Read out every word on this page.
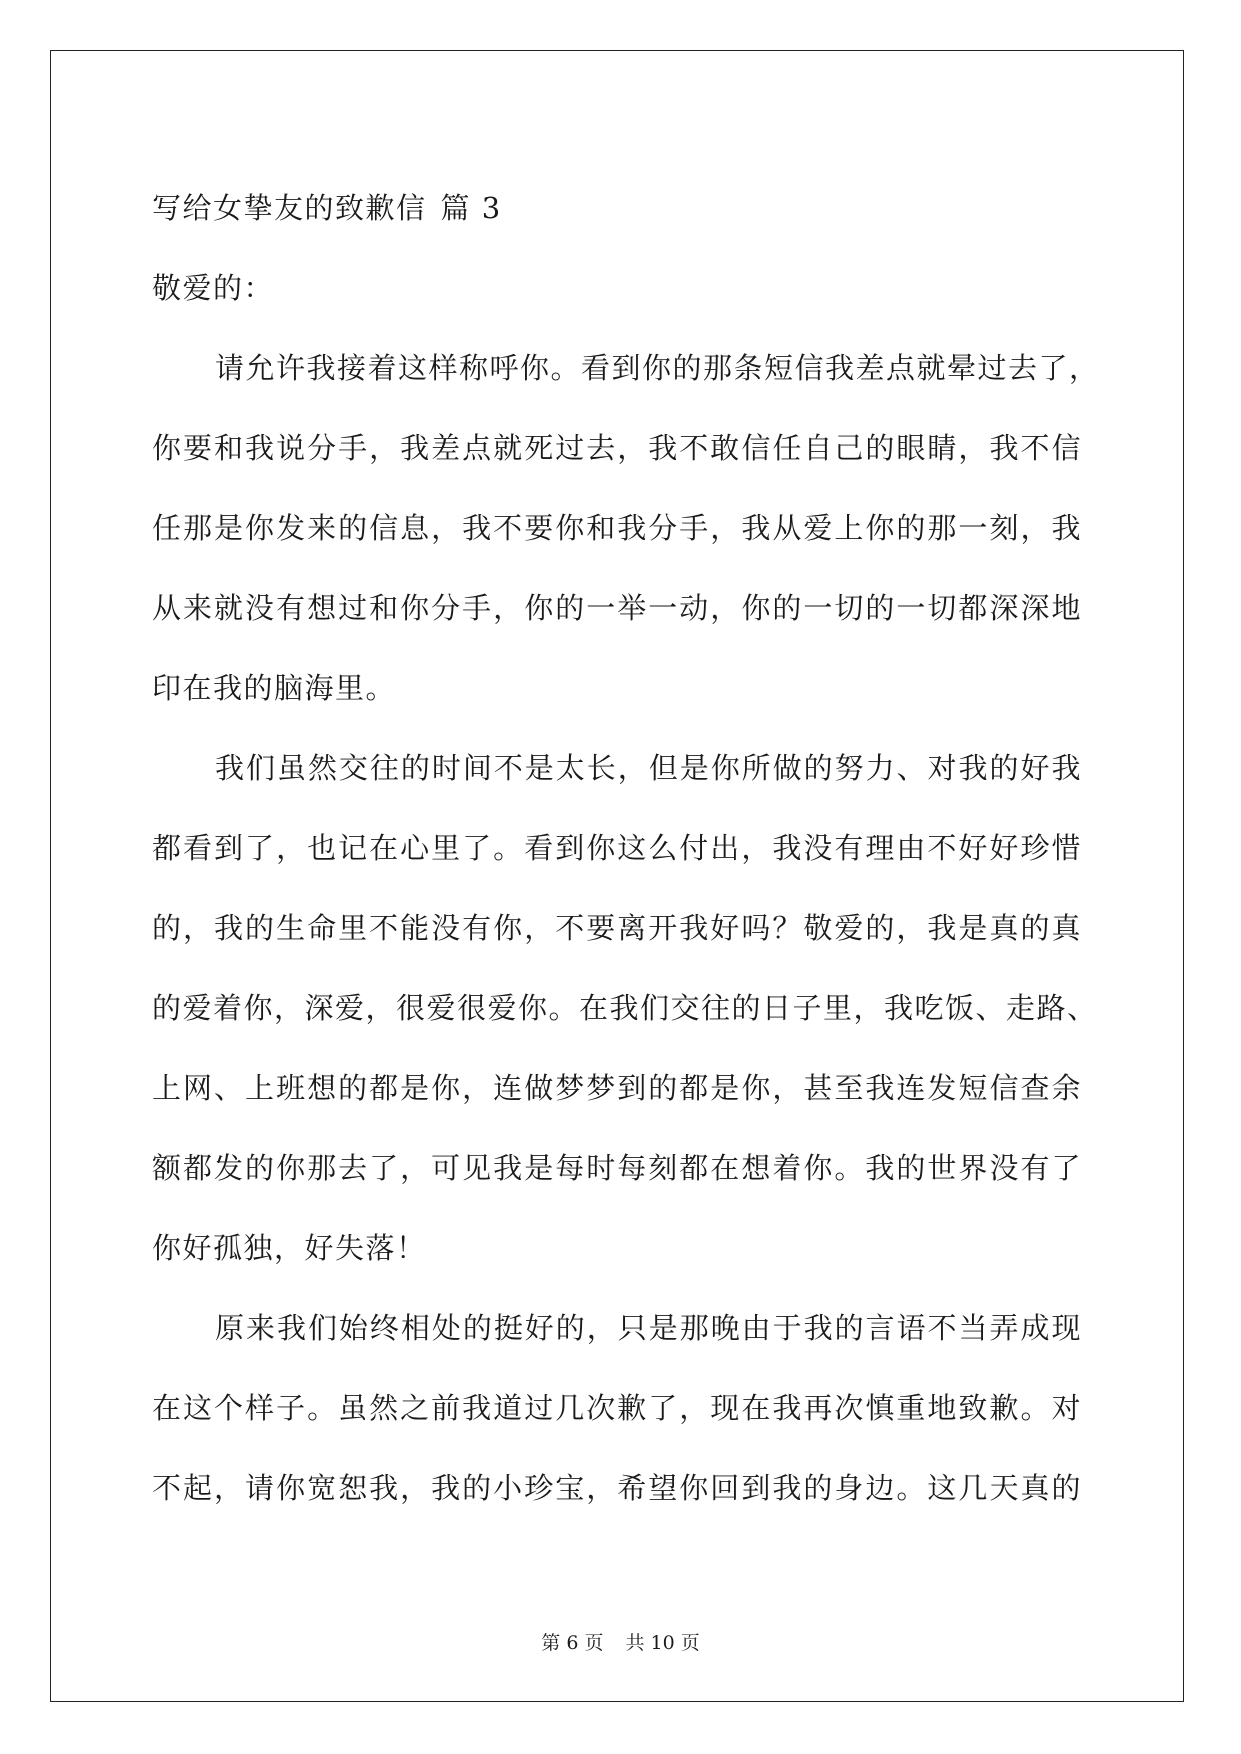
写给女挚友的致歉信 篇 3
敬爱的：
请允许我接着这样称呼你。看到你的那条短信我差点就晕过去了，
你要和我说分手，我差点就死过去，我不敢信任自己的眼睛，我不信
任那是你发来的信息，我不要你和我分手，我从爱上你的那一刻，我
从来就没有想过和你分手，你的一举一动，你的一切的一切都深深地
印在我的脑海里。
我们虽然交往的时间不是太长，但是你所做的努力、对我的好我
都看到了，也记在心里了。看到你这么付出，我没有理由不好好珍惜
的，我的生命里不能没有你，不要离开我好吗？敬爱的，我是真的真
的爱着你，深爱，很爱很爱你。在我们交往的日子里，我吃饭、走路、
上网、上班想的都是你，连做梦梦到的都是你，甚至我连发短信查余
额都发的你那去了，可见我是每时每刻都在想着你。我的世界没有了
你好孤独，好失落！
原来我们始终相处的挺好的，只是那晚由于我的言语不当弄成现
在这个样子。虽然之前我道过几次歉了，现在我再次慎重地致歉。对
不起，请你宽恕我，我的小珍宝，希望你回到我的身边。这几天真的
第 6 页 共 10 页
